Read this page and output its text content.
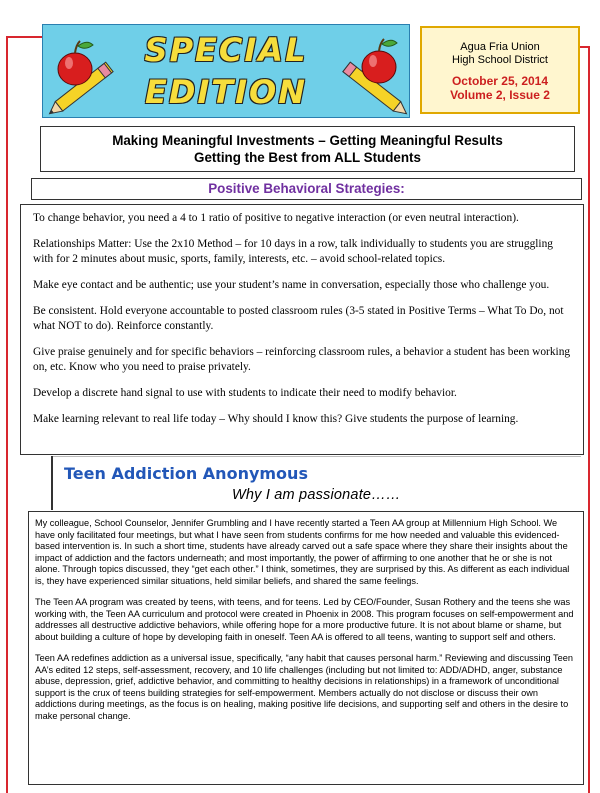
SPECIAL
EDITION
Agua Fria Union
High School District
October 25, 2014
Volume 2, Issue 2
Making Meaningful Investments – Getting Meaningful Results
Getting the Best from ALL Students
Positive Behavioral Strategies:

To change behavior, you need a 4 to 1 ratio of positive to negative interaction (or even neutral interaction).

Relationships Matter: Use the 2x10 Method – for 10 days in a row, talk individually to students you are struggling with for 2 minutes about music, sports, family, interests, etc. – avoid school-related topics.

Make eye contact and be authentic; use your student’s name in conversation, especially those who challenge you.

Be consistent. Hold everyone accountable to posted classroom rules (3-5 stated in Positive Terms – What To Do, not what NOT to do). Reinforce constantly.

Give praise genuinely and for specific behaviors – reinforcing classroom rules, a behavior a student has been working on, etc. Know who you need to praise privately.

Develop a discrete hand signal to use with students to indicate their need to modify behavior.

Make learning relevant to real life today – Why should I know this? Give students the purpose of learning.

Teen Addiction Anonymous
Why I am passionate……

My colleague, School Counselor, Jennifer Grumbling and I have recently started a Teen AA group at Millennium High School. We have only facilitated four meetings, but what I have seen from students confirms for me how needed and valuable this evidenced-based intervention is. In such a short time, students have already carved out a safe space where they share their insights about the impact of addiction and the factors underneath; and most importantly, the power of affirming to one another that he or she is not alone. Through topics discussed, they “get each other.” I think, sometimes, they are surprised by this. As different as each individual is, they have experienced similar situations, held similar beliefs, and shared the same feelings.

The Teen AA program was created by teens, with teens, and for teens. Led by CEO/Founder, Susan Rothery and the teens she was working with, the Teen AA curriculum and protocol were created in Phoenix in 2008. This program focuses on self-empowerment and addresses all destructive addictive behaviors, while offering hope for a more productive future. It is not about blame or shame, but about building a culture of hope by developing faith in oneself. Teen AA is offered to all teens, wanting to support self and others.

Teen AA redefines addiction as a universal issue, specifically, “any habit that causes personal harm.” Reviewing and discussing Teen AA’s edited 12 steps, self-assessment, recovery, and 10 life challenges (including but not limited to: ADD/ADHD, anger, substance abuse, depression, grief, addictive behavior, and committing to healthy decisions in relationships) in a framework of unconditional support is the crux of teens building strategies for self-empowerment. Members actually do not disclose or discuss their own addictions during meetings, as the focus is on healing, making positive life decisions, and supporting self and others in the desire to make personal change.
